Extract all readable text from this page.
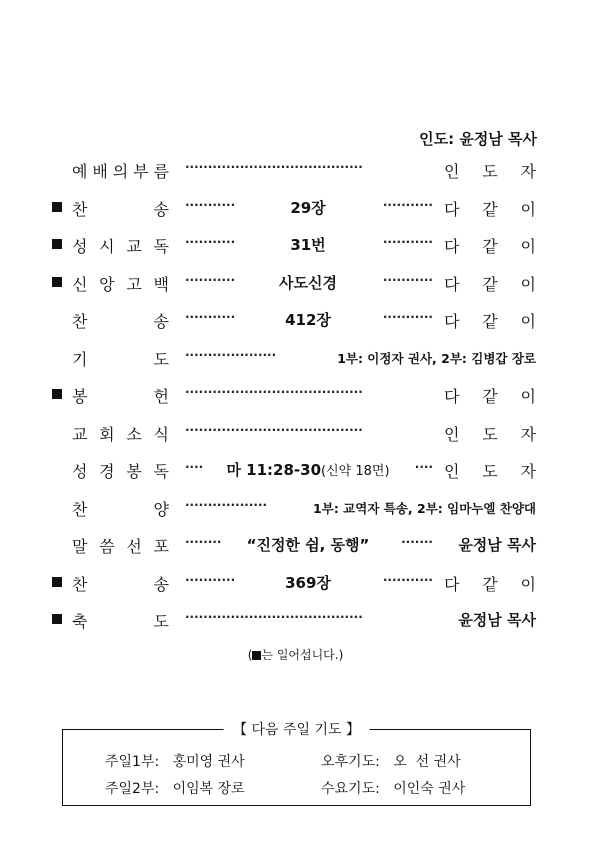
인도: 윤정남 목사
예 배 의 부 름 ·······································	인 도 자
찬	송 ···········	29장	··········· 다 같 이
성 시 교 독 ···········	31번	··········· 다 같 이
신 앙 고 백 ···········	사도신경	··········· 다 같 이
찬	송 ···········	412장	··········· 다 같 이
기	도 ····················	1부: 이정자 권사, 2부: 김병갑 장로
봉	헌 ·······································	다 같 이
교 회 소 식 ·······································	인 도 자
성 경 봉 독 ···· 마 11:28-30(신약 18면) ···· 인 도 자
찬	양 ··················	1부: 교역자 특송, 2부: 임마누엘 찬양대
말 씀 선 포 ········ “진정한 쉼, 동행”	······· 윤정남 목사
찬	송 ···········	369장	··········· 다 같 이
축	도 ·······································	윤정남 목사
( 는 일어섭니다.)
【 다음 주일 기도 】
주일1부: 홍미영 권사	오후기도: 오  선 권사
주일2부: 이임복 장로	수요기도: 이인숙 권사
